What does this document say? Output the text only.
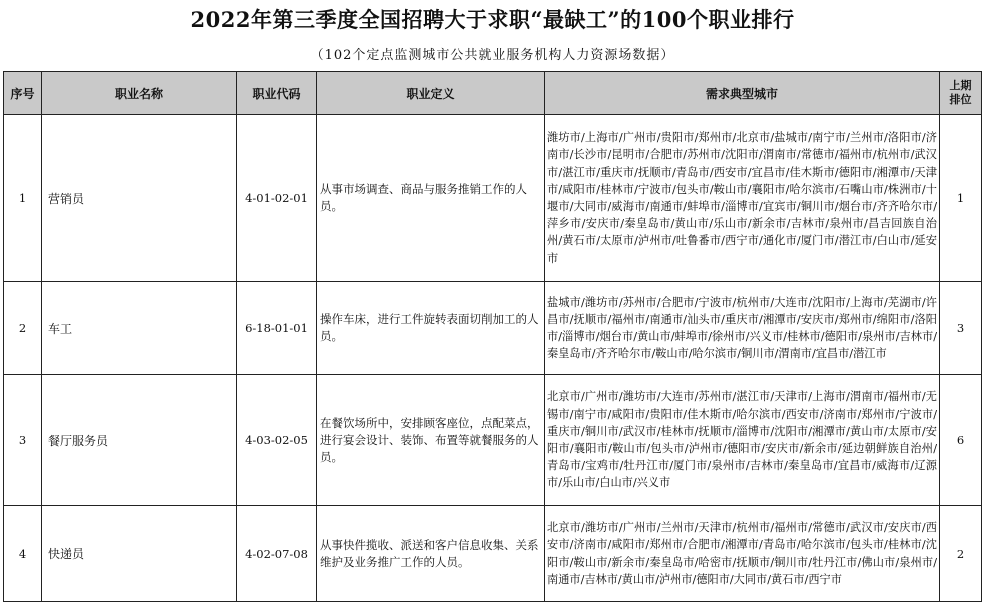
2022年第三季度全国招聘大于求职“最缺工”的100个职业排行
（102个定点监测城市公共就业服务机构人力资源场数据）
序号	职业名称	职业代码	职业定义	需求典型城市	上期
排位
1	营销员	4-01-02-01	从事市场调查、商品与服务推销工作的人员。	潍坊市/上海市/广州市/贵阳市/郑州市/北京市/盐城市/南宁市/兰州市/洛阳市/济南市/长沙市/昆明市/合肥市/苏州市/沈阳市/渭南市/常德市/福州市/杭州市/武汉市/湛江市/重庆市/抚顺市/青岛市/西安市/宜昌市/佳木斯市/德阳市/湘潭市/天津市/咸阳市/桂林市/宁波市/包头市/鞍山市/襄阳市/哈尔滨市/石嘴山市/株洲市/十堰市/大同市/威海市/南通市/蚌埠市/淄博市/宜宾市/铜川市/烟台市/齐齐哈尔市/萍乡市/安庆市/秦皇岛市/黄山市/乐山市/新余市/吉林市/泉州市/昌吉回族自治州/黄石市/太原市/泸州市/吐鲁番市/西宁市/通化市/厦门市/潜江市/白山市/延安市	1
2	车工	6-18-01-01	操作车床，进行工件旋转表面切削加工的人员。	盐城市/潍坊市/苏州市/合肥市/宁波市/杭州市/大连市/沈阳市/上海市/芜湖市/许昌市/抚顺市/福州市/南通市/汕头市/重庆市/湘潭市/安庆市/郑州市/绵阳市/洛阳市/淄博市/烟台市/黄山市/蚌埠市/徐州市/兴义市/桂林市/德阳市/泉州市/吉林市/秦皇岛市/齐齐哈尔市/鞍山市/哈尔滨市/铜川市/渭南市/宜昌市/潜江市	3
3	餐厅服务员	4-03-02-05	在餐饮场所中，安排顾客座位，点配菜点，进行宴会设计、装饰、布置等就餐服务的人员。	北京市/广州市/潍坊市/大连市/苏州市/湛江市/天津市/上海市/渭南市/福州市/无锡市/南宁市/咸阳市/贵阳市/佳木斯市/哈尔滨市/西安市/济南市/郑州市/宁波市/重庆市/铜川市/武汉市/桂林市/抚顺市/淄博市/沈阳市/湘潭市/黄山市/太原市/安阳市/襄阳市/鞍山市/包头市/泸州市/德阳市/安庆市/新余市/延边朝鲜族自治州/青岛市/宝鸡市/牡丹江市/厦门市/泉州市/吉林市/秦皇岛市/宜昌市/威海市/辽源市/乐山市/白山市/兴义市	6
4	快递员	4-02-07-08	从事快件揽收、派送和客户信息收集、关系维护及业务推广工作的人员。	北京市/潍坊市/广州市/兰州市/天津市/杭州市/福州市/常德市/武汉市/安庆市/西安市/济南市/咸阳市/郑州市/合肥市/湘潭市/青岛市/哈尔滨市/包头市/桂林市/沈阳市/鞍山市/新余市/秦皇岛市/哈密市/抚顺市/铜川市/牡丹江市/佛山市/泉州市/南通市/吉林市/黄山市/泸州市/德阳市/大同市/黄石市/西宁市	2
